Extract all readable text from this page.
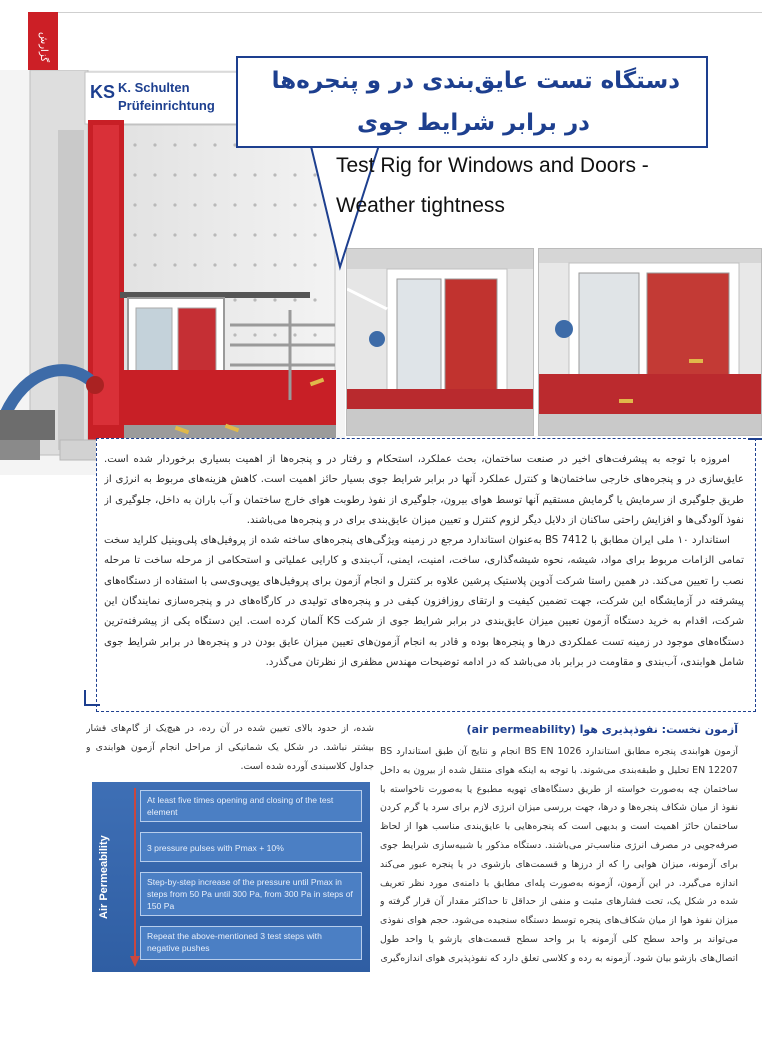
گزارش
KS K. Schulten
Prüfeinrichtung
دستگاه تست عایق‌بندی در و پنجره‌ها
در برابر شرایط جوی
Test Rig for Windows and Doors -
Weather tightness

امروزه با توجه به پیشرفت‌های اخیر در صنعت ساختمان، بحث عملکرد، استحکام و رفتار در و پنجره‌ها از اهمیت بسیاری برخوردار شده است. عایق‌سازی در و پنجره‌های خارجی ساختمان‌ها و کنترل عملکرد آنها در برابر شرایط جوی بسیار حائز اهمیت است. کاهش هزینه‌های مربوط به انرژی از طریق جلوگیری از سرمایش یا گرمایش مستقیم آنها توسط هوای بیرون، جلوگیری از نفوذ رطوبت هوای خارج ساختمان و آب باران به داخل، جلوگیری از نفوذ آلودگی‌ها و افزایش راحتی ساکنان از دلایل دیگر لزوم کنترل و تعیین میزان عایق‌بندی برای در و پنجره‌ها می‌باشند.

استاندارد ۱۰ ملی ایران مطابق با BS 7412 به‌عنوان استاندارد مرجع در زمینه ویژگی‌های پنجره‌های ساخته شده از پروفیل‌های پلی‌وینیل کلراید سخت تمامی الزامات مربوط برای مواد، شیشه، نحوه شیشه‌گذاری، ساخت، امنیت، ایمنی، آب‌بندی و کارایی عملیاتی و استحکامی از مرحله ساخت تا مرحله نصب را تعیین می‌کند. در همین راستا شرکت آدوین پلاستیک پرشین علاوه بر کنترل و انجام آزمون برای پروفیل‌های یو‌پی‌وی‌سی با استفاده از دستگاه‌های پیشرفته در آزمایشگاه این شرکت، جهت تضمین کیفیت و ارتقای روزافزون کیفی در و پنجره‌های تولیدی در کارگاه‌های در و پنجره‌سازی نمایندگان این شرکت، اقدام به خرید دستگاه آزمون تعیین میزان عایق‌بندی در برابر شرایط جوی از شرکت KS آلمان کرده است. این دستگاه یکی از پیشرفته‌ترین دستگاه‌های موجود در زمینه تست عملکردی درها و پنجره‌ها بوده و قادر به انجام آزمون‌های تعیین میزان عایق بودن در و پنجره‌ها در برابر شرایط جوی شامل هوابندی، آب‌بندی و مقاومت در برابر باد می‌باشد که در ادامه توضیحات مهندس مظفری از نظرتان می‌گذرد.

آزمون نخست: نفوذپذیری هوا (air permeability)
آزمون هوابندی پنجره مطابق استاندارد BS EN 1026 انجام و نتایج آن طبق استاندارد BS EN 12207 تحلیل و طبقه‌بندی می‌شوند. با توجه به اینکه هوای منتقل شده از بیرون به داخل ساختمان چه به‌صورت خواسته از طریق دستگاه‌های تهویه مطبوع یا به‌صورت ناخواسته با نفوذ از میان شکاف پنجره‌ها و درها، جهت بررسی میزان انرژی لازم برای سرد یا گرم کردن ساختمان حائز اهمیت است و بدیهی است که پنجره‌هایی با عایق‌بندی مناسب هوا از لحاظ صرفه‌جویی در مصرف انرژی مناسب‌تر می‌باشند. دستگاه مذکور با شبیه‌سازی شرایط جوی برای آزمونه، میزان هوایی را که از درزها و قسمت‌های بازشوی در یا پنجره عبور می‌کند اندازه می‌گیرد. در این آزمون، آزمونه به‌صورت پله‌ای مطابق با دامنه‌ی مورد نظر تعریف شده در شکل یک، تحت فشارهای مثبت و منفی از حداقل تا حداکثر مقدار آن قرار گرفته و میزان نفوذ هوا از میان شکاف‌های پنجره توسط دستگاه سنجیده می‌شود. حجم هوای نفوذی می‌تواند بر واحد سطح کلی آزمونه یا بر واحد سطح قسمت‌های بازشو یا واحد طول اتصال‌های بازشو بیان شود. آزمونه به رده و کلاسی تعلق دارد که نفوذپذیری هوای اندازه‌گیری
شده، از حدود بالای تعیین شده در آن رده، در هیچ‌یک از گام‌های فشار بیشتر نباشد. در شکل یک شماتیکی از مراحل انجام آزمون هوابندی و جداول کلاسبندی آورده شده است.
Air Permeability
At least five times opening and closing of the test element
3 pressure pulses with Pmax + 10%
Step-by-step increase of the pressure until Pmax in steps from 50 Pa until 300 Pa, from 300 Pa in steps of 150 Pa
Repeat the above-mentioned 3 test steps with negative pushes
